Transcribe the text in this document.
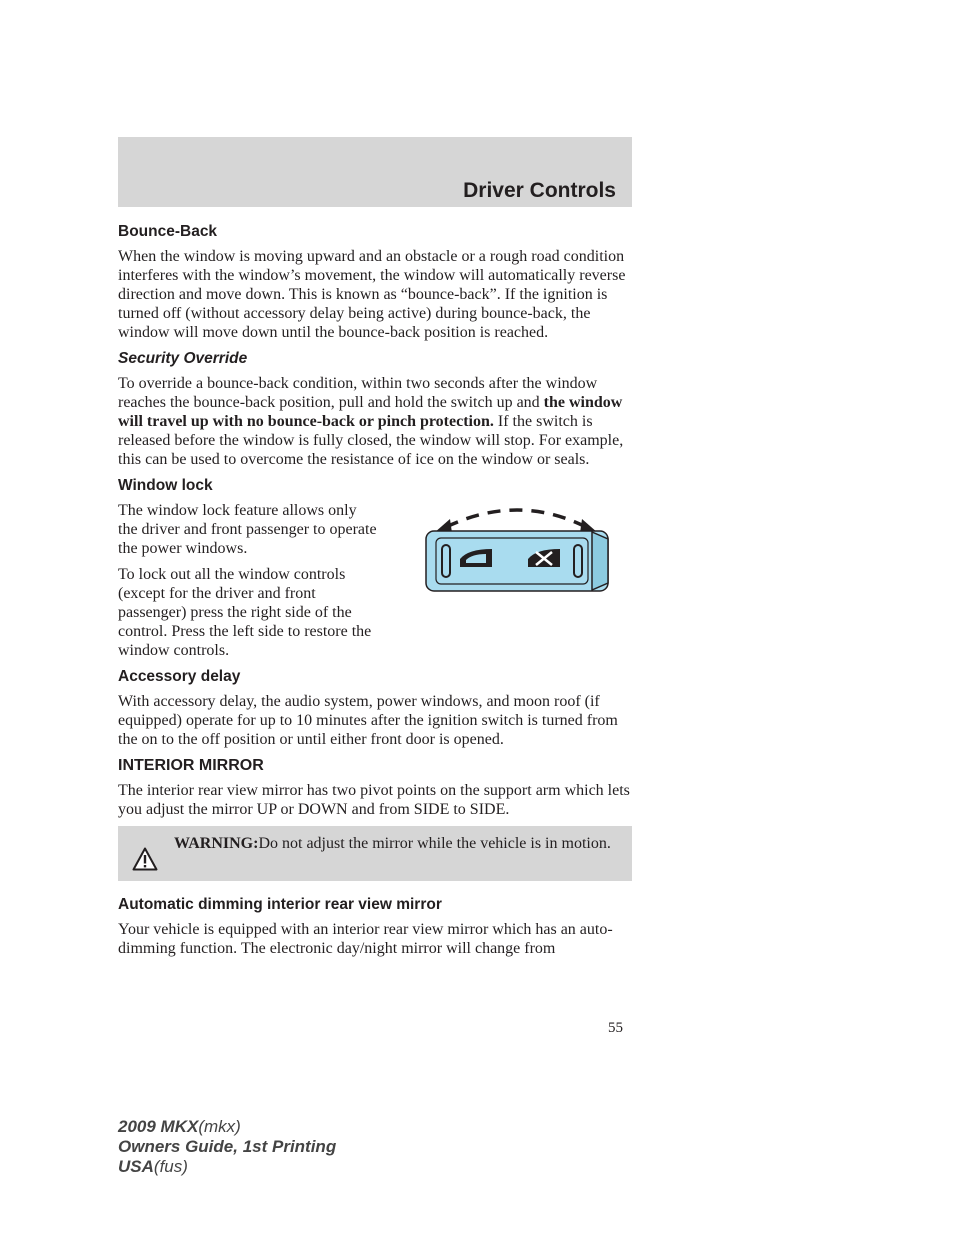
Driver Controls
Bounce-Back

When the window is moving upward and an obstacle or a rough road condition interferes with the window’s movement, the window will automatically reverse direction and move down. This is known as “bounce-back”. If the ignition is turned off (without accessory delay being active) during bounce-back, the window will move down until the bounce-back position is reached.

Security Override

To override a bounce-back condition, within two seconds after the window reaches the bounce-back position, pull and hold the switch up and the window will travel up with no bounce-back or pinch protection. If the switch is released before the window is fully closed, the window will stop. For example, this can be used to overcome the resistance of ice on the window or seals.

Window lock

The window lock feature allows only the driver and front passenger to operate the power windows.

To lock out all the window controls (except for the driver and front passenger) press the right side of the control. Press the left side to restore the window controls.

Accessory delay

With accessory delay, the audio system, power windows, and moon roof (if equipped) operate for up to 10 minutes after the ignition switch is turned from the on to the off position or until either front door is opened.

INTERIOR MIRROR

The interior rear view mirror has two pivot points on the support arm which lets you adjust the mirror UP or DOWN and from SIDE to SIDE.

WARNING:Do not adjust the mirror while the vehicle is in motion.
Automatic dimming interior rear view mirror

Your vehicle is equipped with an interior rear view mirror which has an auto-dimming function. The electronic day/night mirror will change from

55
2009 MKX(mkx)
Owners Guide, 1st Printing
USA(fus)
